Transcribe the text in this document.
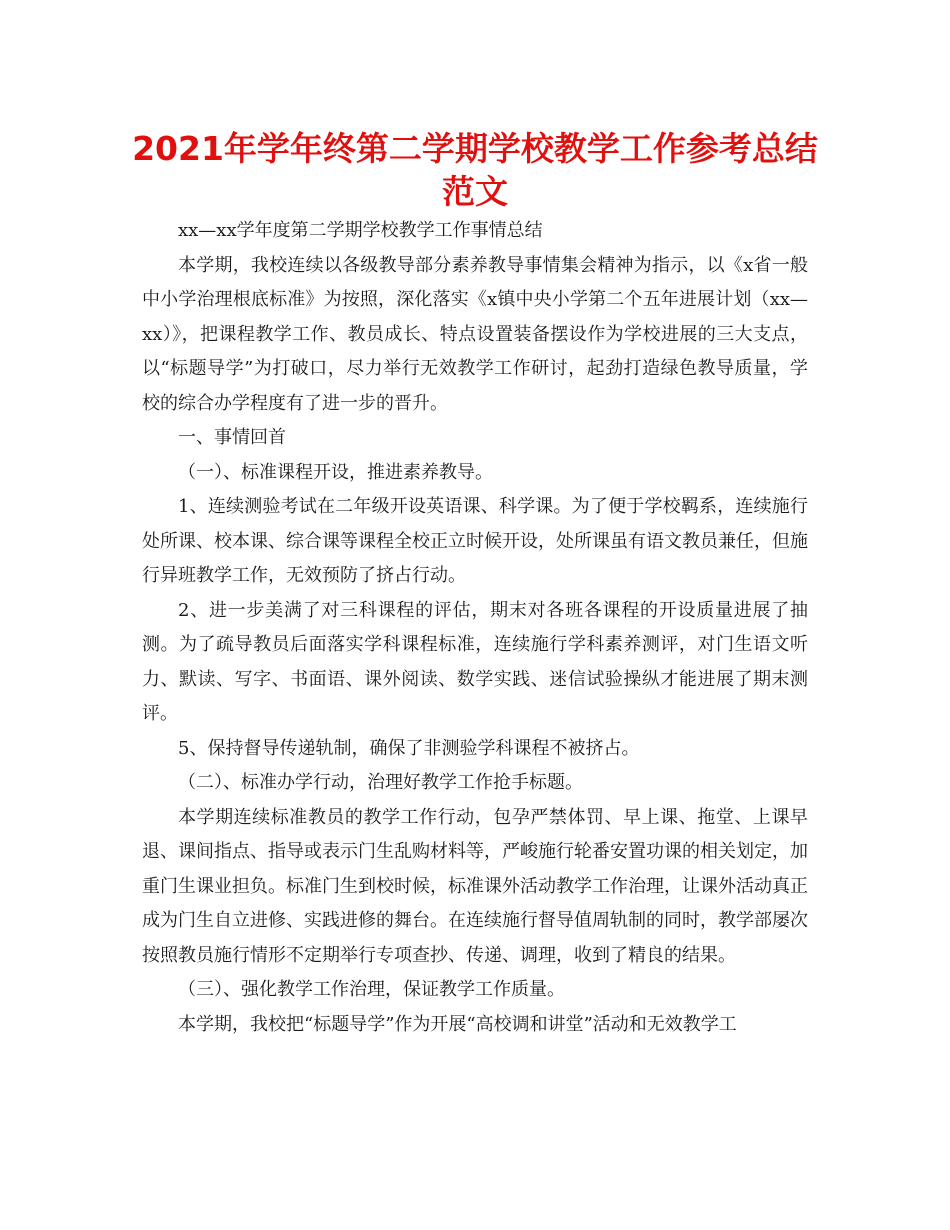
2021年学年终第二学期学校教学工作参考总结
范文

xx—xx学年度第二学期学校教学工作事情总结

本学期，我校连续以各级教导部分素养教导事情集会精神为指示，以《x省一般中小学治理根底标准》为按照，深化落实《x镇中央小学第二个五年进展计划（xx—xx）》，把课程教学工作、教员成长、特点设置装备摆设作为学校进展的三大支点，以“标题导学”为打破口，尽力举行无效教学工作研讨，起劲打造绿色教导质量，学校的综合办学程度有了进一步的晋升。

一、事情回首

（一）、标准课程开设，推进素养教导。

1、连续测验考试在二年级开设英语课、科学课。为了便于学校羁系，连续施行处所课、校本课、综合课等课程全校正立时候开设，处所课虽有语文教员兼任，但施行异班教学工作，无效预防了挤占行动。

2、进一步美满了对三科课程的评估，期末对各班各课程的开设质量进展了抽测。为了疏导教员后面落实学科课程标准，连续施行学科素养测评，对门生语文听力、默读、写字、书面语、课外阅读、数学实践、迷信试验操纵才能进展了期末测评。

5、保持督导传递轨制，确保了非测验学科课程不被挤占。

（二）、标准办学行动，治理好教学工作抢手标题。

本学期连续标准教员的教学工作行动，包孕严禁体罚、早上课、拖堂、上课早退、课间指点、指导或表示门生乱购材料等，严峻施行轮番安置功课的相关划定，加重门生课业担负。标准门生到校时候，标准课外活动教学工作治理，让课外活动真正成为门生自立进修、实践进修的舞台。在连续施行督导值周轨制的同时，教学部屡次按照教员施行情形不定期举行专项查抄、传递、调理，收到了精良的结果。

（三）、强化教学工作治理，保证教学工作质量。

本学期，我校把“标题导学”作为开展“高校调和讲堂”活动和无效教学工
